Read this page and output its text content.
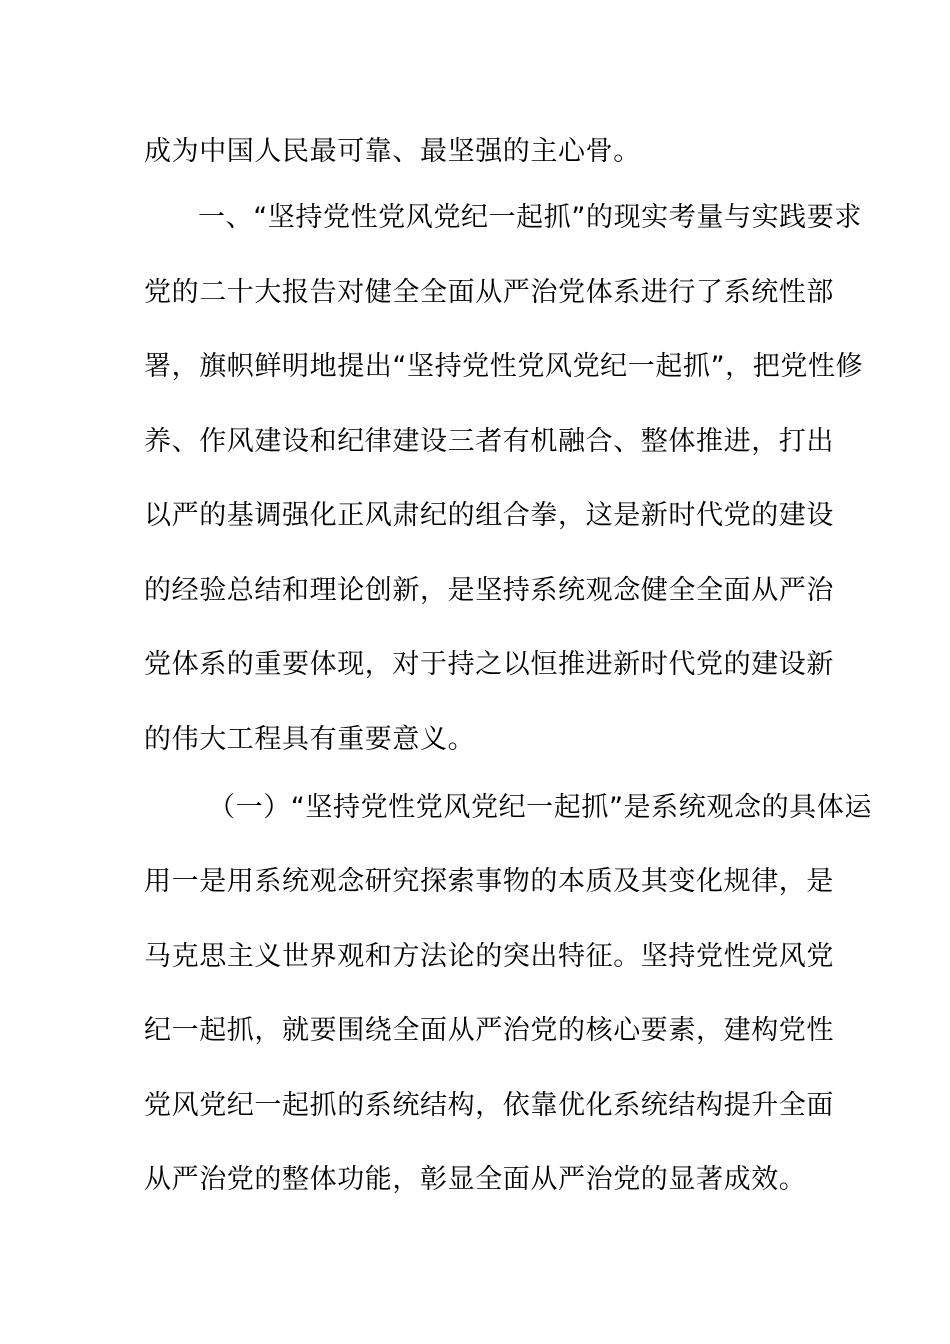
成为中国人民最可靠、最坚强的主心骨。
一、“坚持党性党风党纪一起抓”的现实考量与实践要求
党的二十大报告对健全全面从严治党体系进行了系统性部
署，旗帜鲜明地提出“坚持党性党风党纪一起抓”，把党性修
养、作风建设和纪律建设三者有机融合、整体推进，打出
以严的基调强化正风肃纪的组合拳，这是新时代党的建设
的经验总结和理论创新，是坚持系统观念健全全面从严治
党体系的重要体现，对于持之以恒推进新时代党的建设新
的伟大工程具有重要意义。
（一）“坚持党性党风党纪一起抓”是系统观念的具体运
用一是用系统观念研究探索事物的本质及其变化规律，是
马克思主义世界观和方法论的突出特征。坚持党性党风党
纪一起抓，就要围绕全面从严治党的核心要素，建构党性
党风党纪一起抓的系统结构，依靠优化系统结构提升全面
从严治党的整体功能，彰显全面从严治党的显著成效。
